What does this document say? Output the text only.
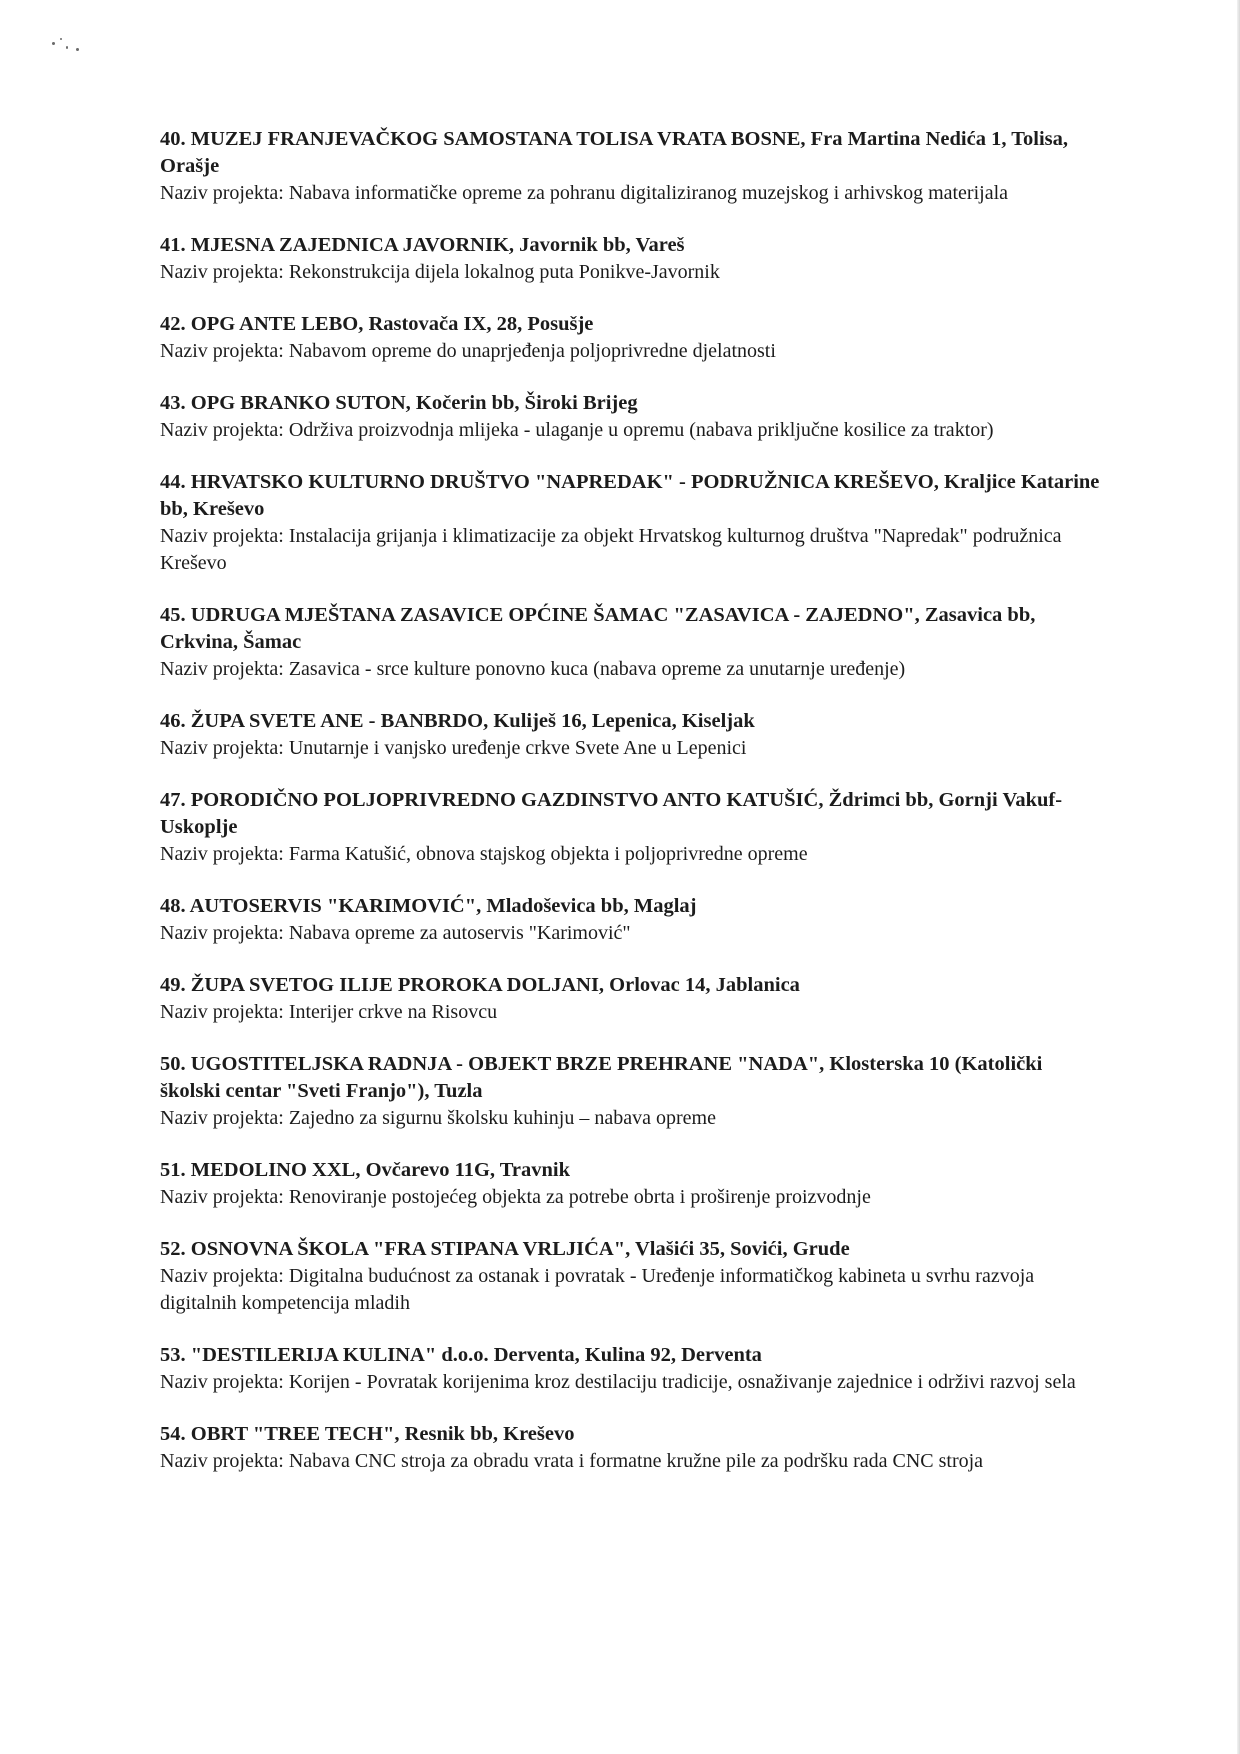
40. MUZEJ FRANJEVAČKOG SAMOSTANA TOLISA VRATA BOSNE, Fra Martina Nedića 1, Tolisa, Orašje

Naziv projekta: Nabava informatičke opreme za pohranu digitaliziranog muzejskog i arhivskog materijala

41. MJESNA ZAJEDNICA JAVORNIK, Javornik bb, Vareš

Naziv projekta: Rekonstrukcija dijela lokalnog puta Ponikve-Javornik

42. OPG ANTE LEBO, Rastovača IX, 28, Posušje

Naziv projekta: Nabavom opreme do unaprjeđenja poljoprivredne djelatnosti

43. OPG BRANKO SUTON, Kočerin bb, Široki Brijeg

Naziv projekta: Održiva proizvodnja mlijeka - ulaganje u opremu (nabava priključne kosilice za traktor)

44. HRVATSKO KULTURNO DRUŠTVO "NAPREDAK" - PODRUŽNICA KREŠEVO, Kraljice Katarine bb, Kreševo

Naziv projekta: Instalacija grijanja i klimatizacije za objekt Hrvatskog kulturnog društva "Napredak" podružnica Kreševo

45. UDRUGA MJEŠTANA ZASAVICE OPĆINE ŠAMAC "ZASAVICA - ZAJEDNO", Zasavica bb, Crkvina, Šamac

Naziv projekta: Zasavica - srce kulture ponovno kuca (nabava opreme za unutarnje uređenje)

46. ŽUPA SVETE ANE - BANBRDO, Kuliješ 16, Lepenica, Kiseljak

Naziv projekta: Unutarnje i vanjsko uređenje crkve Svete Ane u Lepenici

47. PORODIČNO POLJOPRIVREDNO GAZDINSTVO ANTO KATUŠIĆ, Ždrimci bb, Gornji Vakuf-Uskoplje

Naziv projekta: Farma Katušić, obnova stajskog objekta i poljoprivredne opreme

48. AUTOSERVIS "KARIMOVIĆ", Mladoševica bb, Maglaj

Naziv projekta: Nabava opreme za autoservis "Karimović"

49. ŽUPA SVETOG ILIJE PROROKA DOLJANI, Orlovac 14, Jablanica

Naziv projekta: Interijer crkve na Risovcu

50. UGOSTITELJSKA RADNJA - OBJEKT BRZE PREHRANE "NADA", Klosterska 10 (Katolički školski centar "Sveti Franjo"), Tuzla

Naziv projekta: Zajedno za sigurnu školsku kuhinju – nabava opreme

51. MEDOLINO XXL, Ovčarevo 11G, Travnik

Naziv projekta: Renoviranje postojećeg objekta za potrebe obrta i proširenje proizvodnje

52. OSNOVNA ŠKOLA "FRA STIPANA VRLJIĆA", Vlašići 35, Sovići, Grude

Naziv projekta: Digitalna budućnost za ostanak i povratak - Uređenje informatičkog kabineta u svrhu razvoja digitalnih kompetencija mladih

53. "DESTILERIJA KULINA" d.o.o. Derventa, Kulina 92, Derventa

Naziv projekta: Korijen - Povratak korijenima kroz destilaciju tradicije, osnaživanje zajednice i održivi razvoj sela

54. OBRT "TREE TECH", Resnik bb, Kreševo

Naziv projekta: Nabava CNC stroja za obradu vrata i formatne kružne pile za podršku rada CNC stroja
